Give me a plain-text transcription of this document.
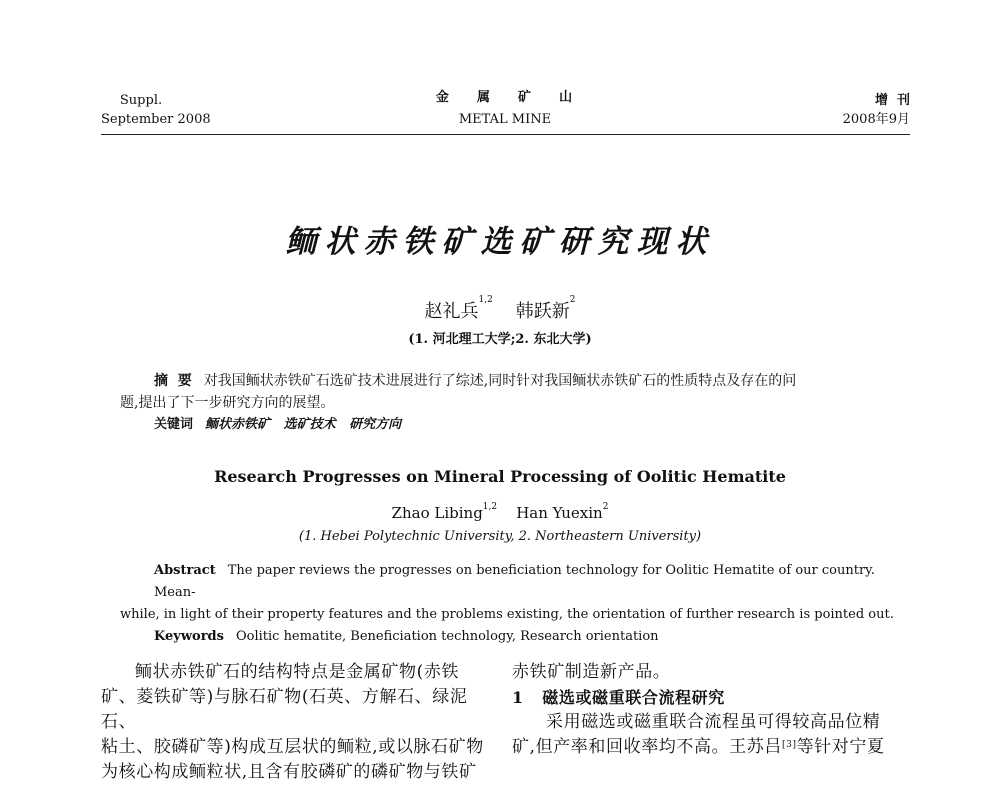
Suppl.
September 2008
金    属    矿    山
METAL MINE
增  刊
2008年9月
鲕状赤铁矿选矿研究现状
赵礼兵$^{1,2}$    韩跃新$^2$
(1. 河北理工大学;2. 东北大学)
摘  要 对我国鲕状赤铁矿石选矿技术进展进行了综述,同时针对我国鲕状赤铁矿石的性质特点及存在的问
题,提出了下一步研究方向的展望。
关键词 鲕状赤铁矿   选矿技术   研究方向
Research Progresses on Mineral Processing of Oolitic Hematite
Zhao Libing$^{1,2}$ Han Yuexin$^2$
(1. Hebei Polytechnic University, 2. Northeastern University)
Abstract The paper reviews the progresses on beneficiation technology for Oolitic Hematite of our country. Mean-
while, in light of their property features and the problems existing, the orientation of further research is pointed out.
Keywords Oolitic hematite, Beneficiation technology, Research orientation
鲕状赤铁矿石的结构特点是金属矿物(赤铁
矿、菱铁矿等)与脉石矿物(石英、方解石、绿泥石、
粘土、胶磷矿等)构成互层状的鲕粒,或以脉石矿物
为核心构成鲕粒状,且含有胶磷矿的磷矿物与铁矿
赤铁矿制造新产品。
1 磁选或磁重联合流程研究
采用磁选或磁重联合流程虽可得较高品位精
矿,但产率和回收率均不高。王苏吕[3]等针对宁夏
